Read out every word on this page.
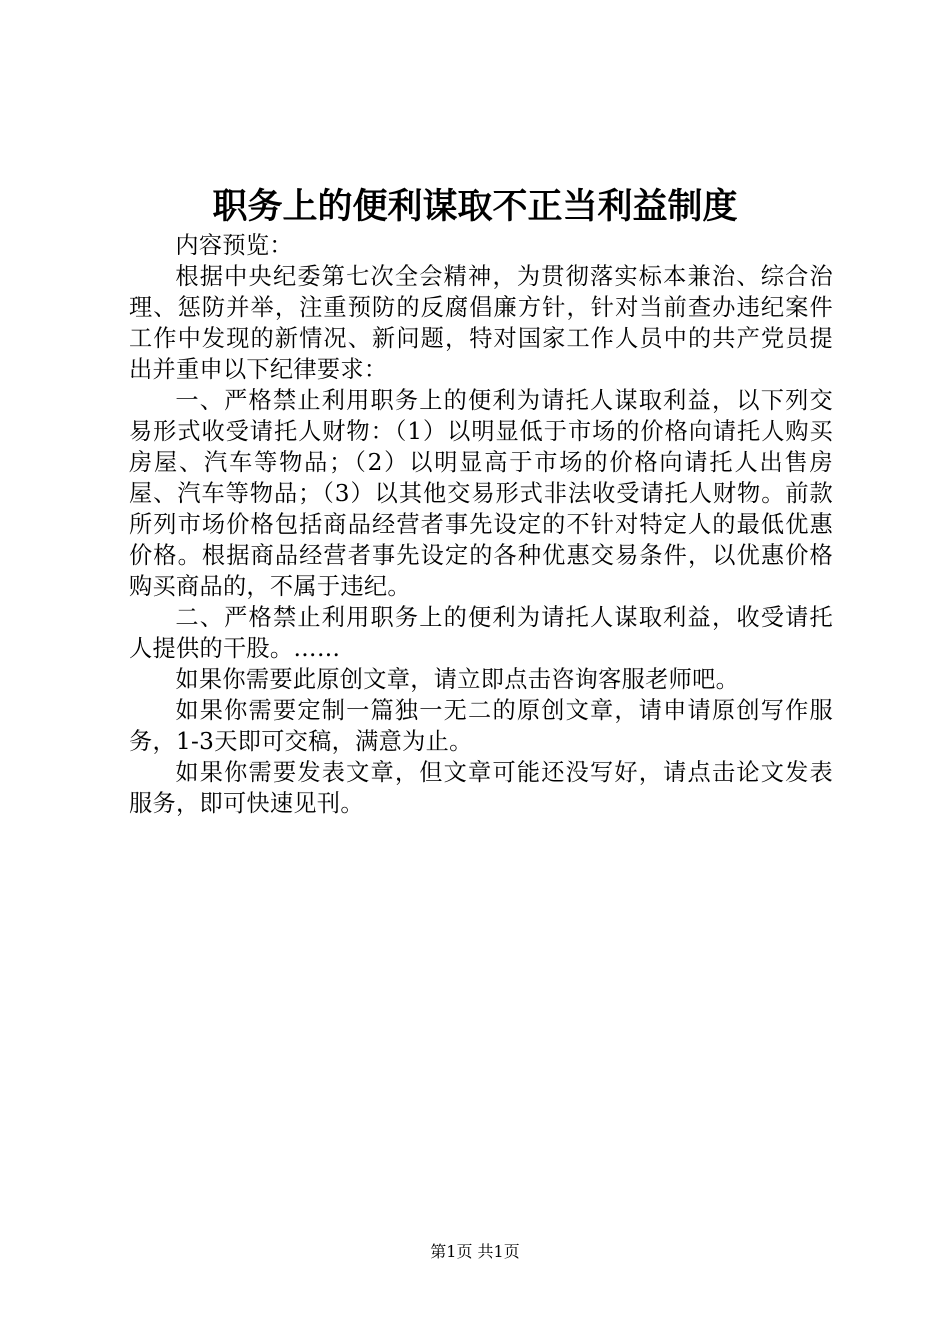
职务上的便利谋取不正当利益制度

内容预览：

根据中央纪委第七次全会精神，为贯彻落实标本兼治、综合治理、惩防并举，注重预防的反腐倡廉方针，针对当前查办违纪案件工作中发现的新情况、新问题，特对国家工作人员中的共产党员提出并重申以下纪律要求：

一、严格禁止利用职务上的便利为请托人谋取利益，以下列交易形式收受请托人财物：（1）以明显低于市场的价格向请托人购买房屋、汽车等物品；（2）以明显高于市场的价格向请托人出售房屋、汽车等物品；（3）以其他交易形式非法收受请托人财物。前款所列市场价格包括商品经营者事先设定的不针对特定人的最低优惠价格。根据商品经营者事先设定的各种优惠交易条件，以优惠价格购买商品的，不属于违纪。

二、严格禁止利用职务上的便利为请托人谋取利益，收受请托人提供的干股。……

如果你需要此原创文章，请立即点击咨询客服老师吧。

如果你需要定制一篇独一无二的原创文章，请申请原创写作服务，1-3天即可交稿，满意为止。

如果你需要发表文章，但文章可能还没写好，请点击论文发表服务，即可快速见刊。

第1页 共1页
